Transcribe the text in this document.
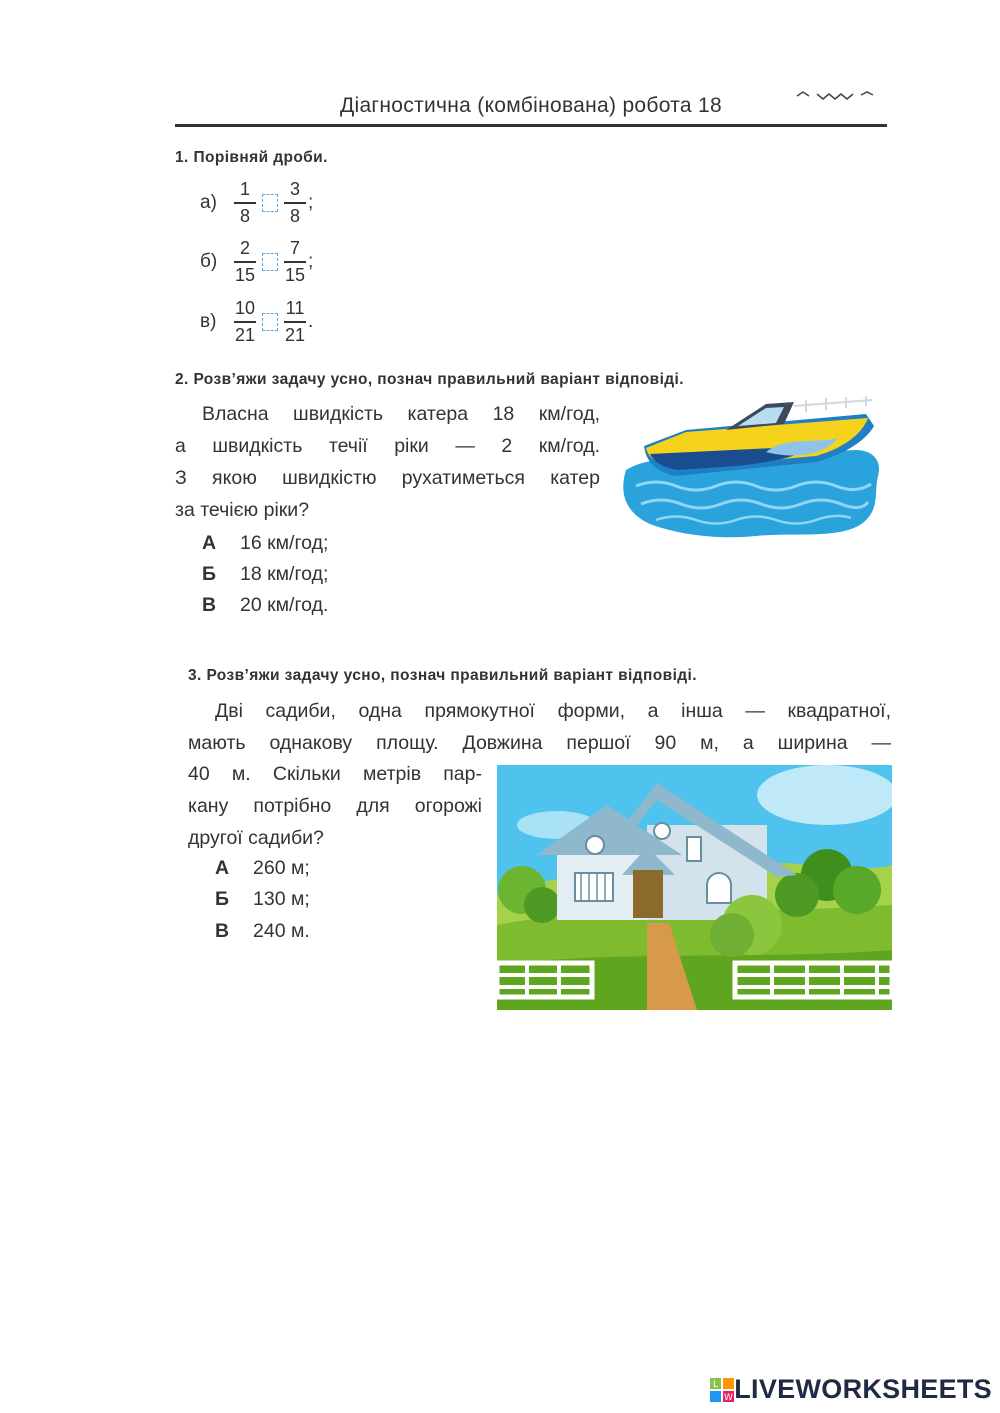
Діагностична (комбінована) робота 18
1. Порівняй дроби.
$а) \frac{1}{8} \frac{3}{8}$ ;
$б) \frac{2}{15} \frac{7}{15}$ ;
$в) \frac{10}{21} \frac{11}{21}$ .
2. Розв’яжи задачу усно, познач правильний варіант відповіді.
Власна швидкість катера 18 км/год,
а швидкість течії ріки — 2 км/год.
З якою швидкістю рухатиметься катер
за течією ріки?
А	16 км/год;
Б	18 км/год;
В	20 км/год.
3. Розв’яжи задачу усно, познач правильний варіант відповіді.
Дві садиби, одна прямокутної форми, а інша — квадратної,
мають однакову площу. Довжина першої 90 м, а ширина —
40 м. Скільки метрів пар-
кану потрібно для огорожі
другої садиби?
А	260 м;
Б	130 м;
В	240 м.
L
W LIVEWORKSHEETS
